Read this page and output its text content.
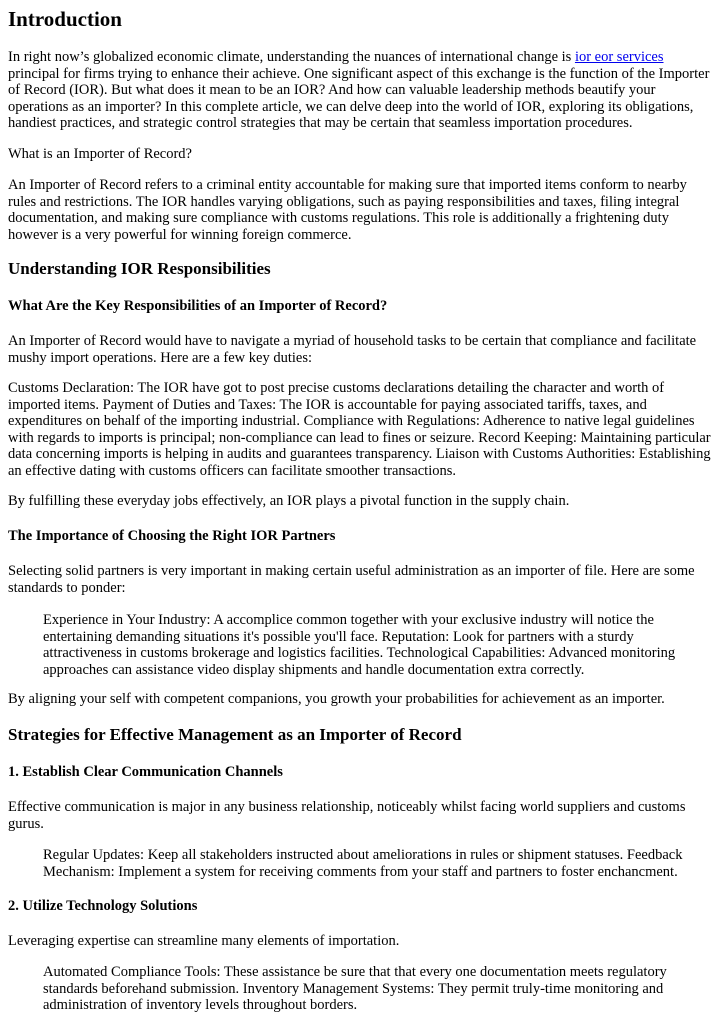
Introduction

In right now’s globalized economic climate, understanding the nuances of international change is ior eor services principal for firms trying to enhance their achieve. One significant aspect of this exchange is the function of the Importer of Record (IOR). But what does it mean to be an IOR? And how can valuable leadership methods beautify your operations as an importer? In this complete article, we can delve deep into the world of IOR, exploring its obligations, handiest practices, and strategic control strategies that may be certain that seamless importation procedures.

What is an Importer of Record?

An Importer of Record refers to a criminal entity accountable for making sure that imported items conform to nearby rules and restrictions. The IOR handles varying obligations, such as paying responsibilities and taxes, filing integral documentation, and making sure compliance with customs regulations. This role is additionally a frightening duty however is a very powerful for winning foreign commerce.

Understanding IOR Responsibilities
What Are the Key Responsibilities of an Importer of Record?

An Importer of Record would have to navigate a myriad of household tasks to be certain that compliance and facilitate mushy import operations. Here are a few key duties:

Customs Declaration: The IOR have got to post precise customs declarations detailing the character and worth of imported items. Payment of Duties and Taxes: The IOR is accountable for paying associated tariffs, taxes, and expenditures on behalf of the importing industrial. Compliance with Regulations: Adherence to native legal guidelines with regards to imports is principal; non-compliance can lead to fines or seizure. Record Keeping: Maintaining particular data concerning imports is helping in audits and guarantees transparency. Liaison with Customs Authorities: Establishing an effective dating with customs officers can facilitate smoother transactions.

By fulfilling these everyday jobs effectively, an IOR plays a pivotal function in the supply chain.

The Importance of Choosing the Right IOR Partners

Selecting solid partners is very important in making certain useful administration as an importer of file. Here are some standards to ponder:

Experience in Your Industry: A accomplice common together with your exclusive industry will notice the entertaining demanding situations it's possible you'll face. Reputation: Look for partners with a sturdy attractiveness in customs brokerage and logistics facilities. Technological Capabilities: Advanced monitoring approaches can assistance video display shipments and handle documentation extra correctly.

By aligning your self with competent companions, you growth your probabilities for achievement as an importer.

Strategies for Effective Management as an Importer of Record
1. Establish Clear Communication Channels

Effective communication is major in any business relationship, noticeably whilst facing world suppliers and customs gurus.

Regular Updates: Keep all stakeholders instructed about ameliorations in rules or shipment statuses. Feedback Mechanism: Implement a system for receiving comments from your staff and partners to foster enchancment.

2. Utilize Technology Solutions

Leveraging expertise can streamline many elements of importation.

Automated Compliance Tools: These assistance be sure that that every one documentation meets regulatory standards beforehand submission. Inventory Management Systems: They permit truly-time monitoring and administration of inventory levels throughout borders.
